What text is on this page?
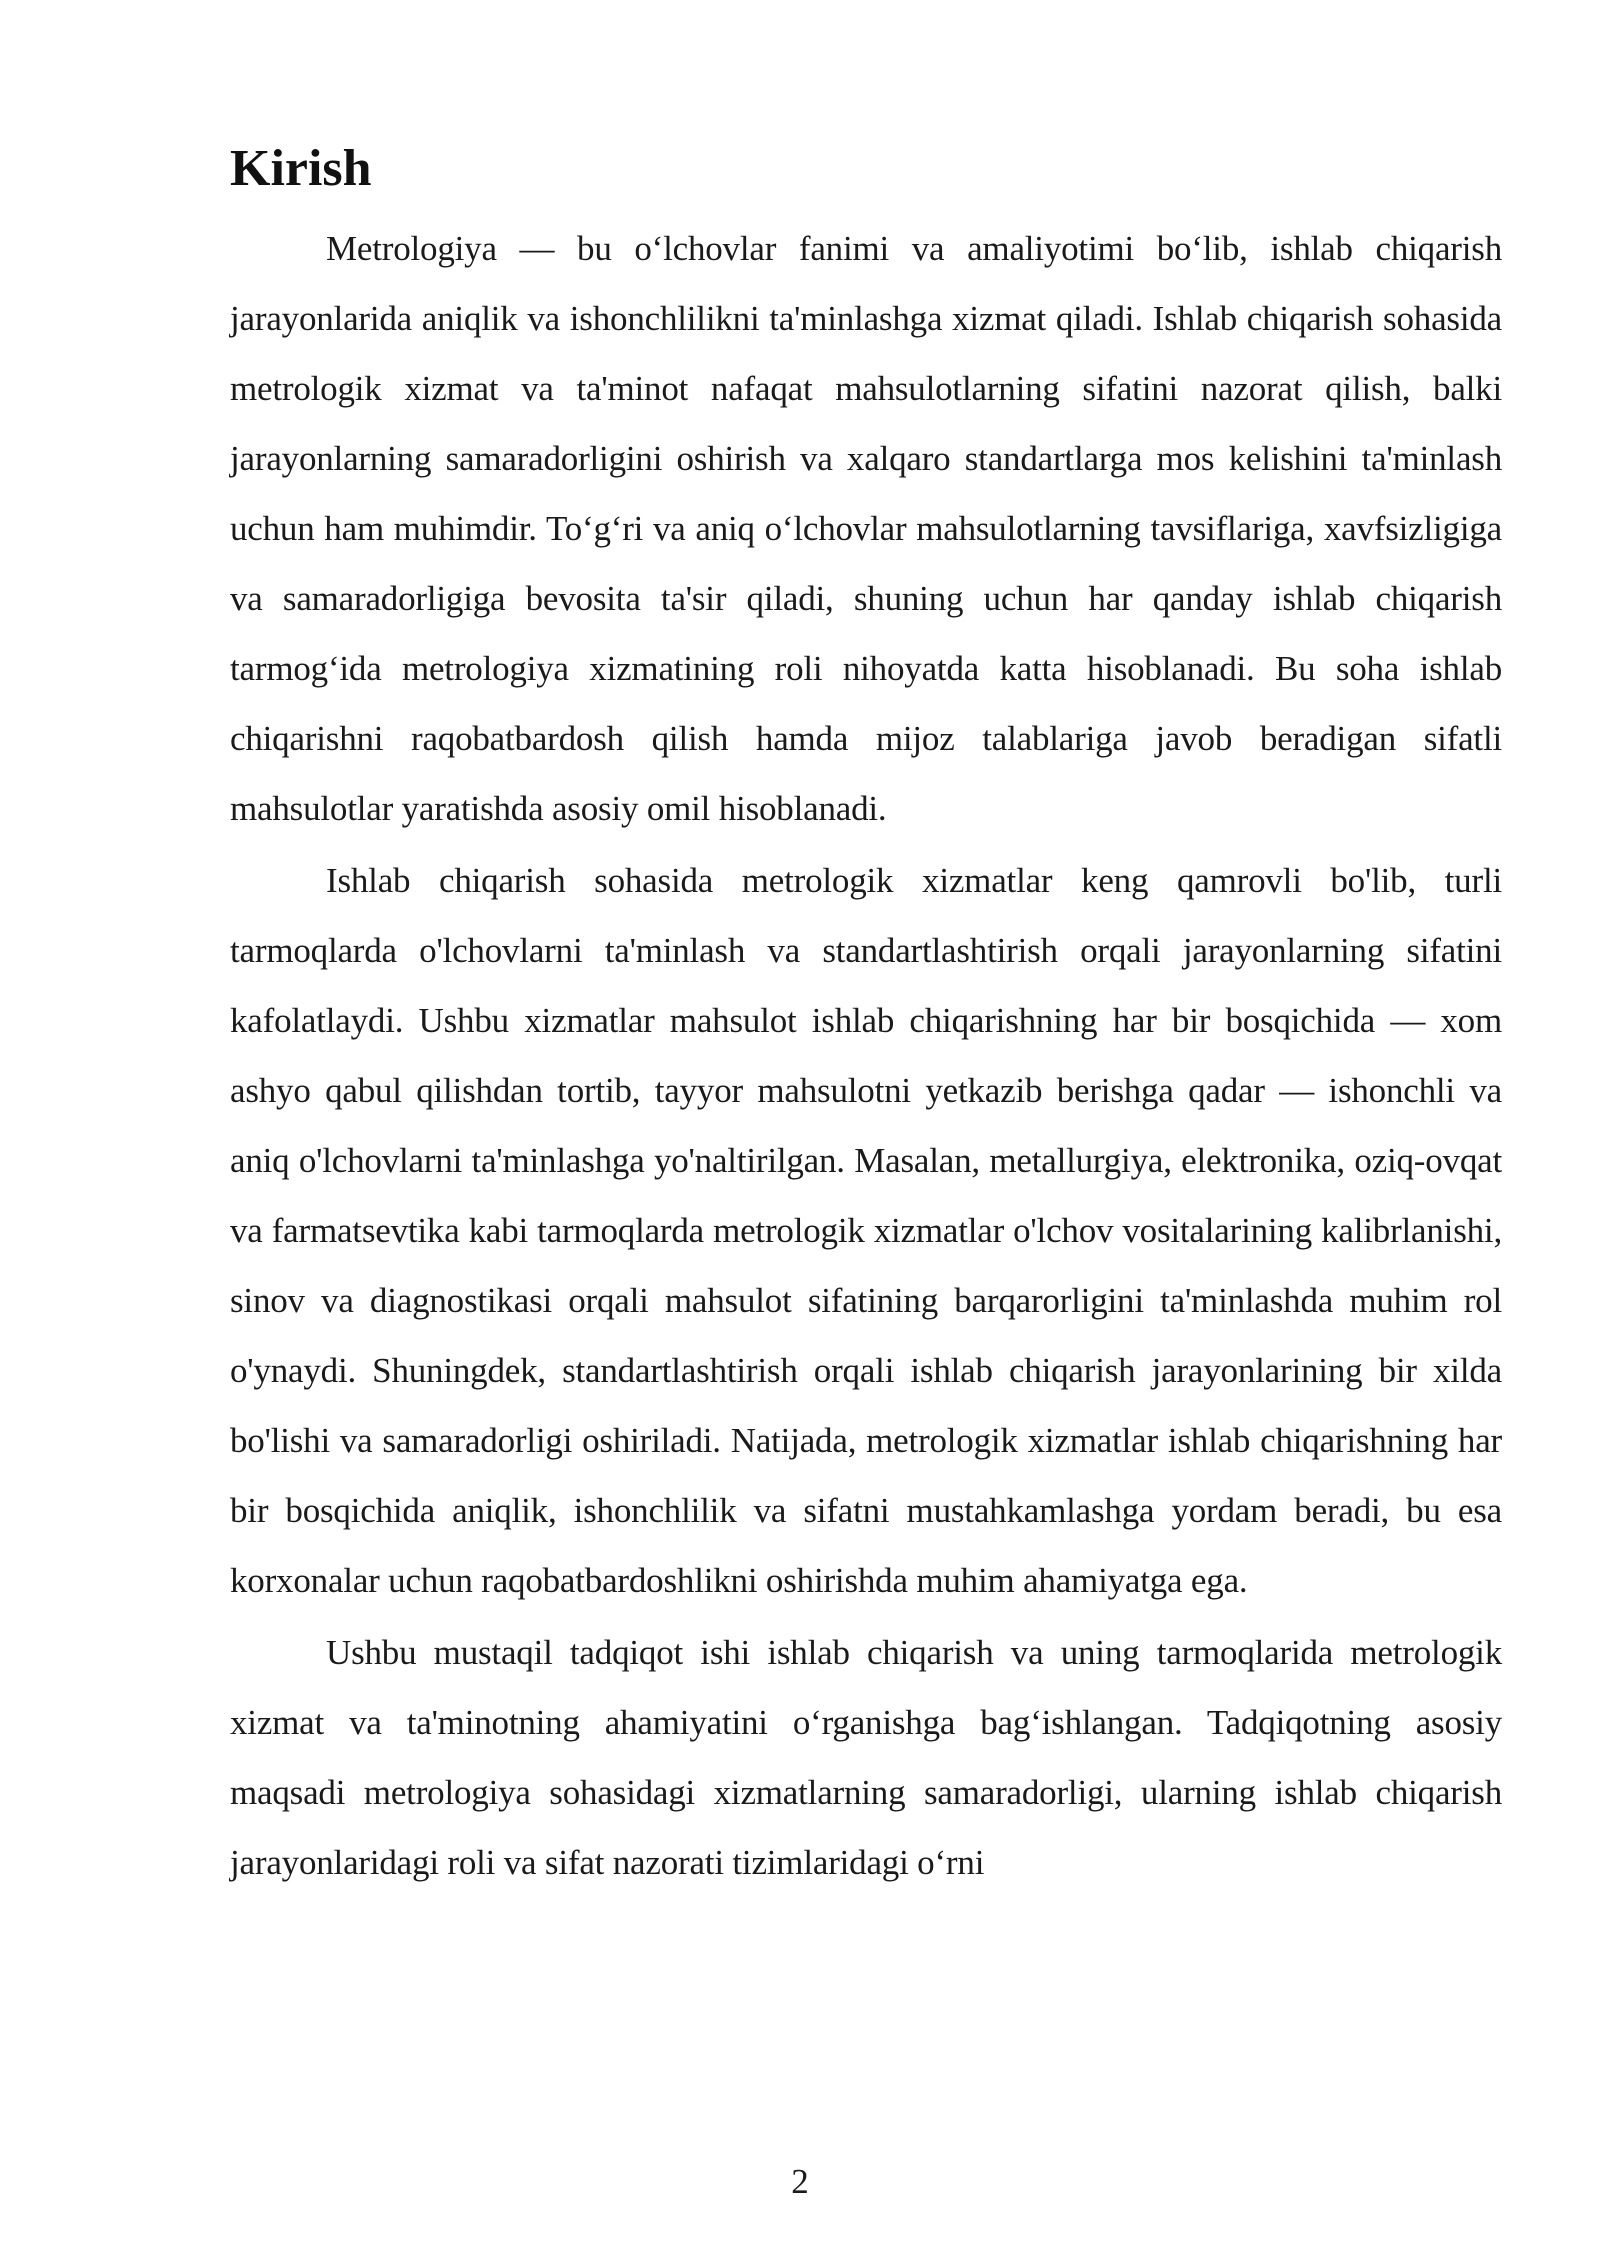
Kirish

Metrologiya — bu o‘lchovlar fanimi va amaliyotimi bo‘lib, ishlab chiqarish jarayonlarida aniqlik va ishonchlilikni ta'minlashga xizmat qiladi. Ishlab chiqarish sohasida metrologik xizmat va ta'minot nafaqat mahsulotlarning sifatini nazorat qilish, balki jarayonlarning samaradorligini oshirish va xalqaro standartlarga mos kelishini ta'minlash uchun ham muhimdir. To‘g‘ri va aniq o‘lchovlar mahsulotlarning tavsiflariga, xavfsizligiga va samaradorligiga bevosita ta'sir qiladi, shuning uchun har qanday ishlab chiqarish tarmog‘ida metrologiya xizmatining roli nihoyatda katta hisoblanadi. Bu soha ishlab chiqarishni raqobatbardosh qilish hamda mijoz talablariga javob beradigan sifatli mahsulotlar yaratishda asosiy omil hisoblanadi.

Ishlab chiqarish sohasida metrologik xizmatlar keng qamrovli bo'lib, turli tarmoqlarda o'lchovlarni ta'minlash va standartlashtirish orqali jarayonlarning sifatini kafolatlaydi. Ushbu xizmatlar mahsulot ishlab chiqarishning har bir bosqichida — xom ashyo qabul qilishdan tortib, tayyor mahsulotni yetkazib berishga qadar — ishonchli va aniq o'lchovlarni ta'minlashga yo'naltirilgan. Masalan, metallurgiya, elektronika, oziq-ovqat va farmatsevtika kabi tarmoqlarda metrologik xizmatlar o'lchov vositalarining kalibrlanishi, sinov va diagnostikasi orqali mahsulot sifatining barqarorligini ta'minlashda muhim rol o'ynaydi. Shuningdek, standartlashtirish orqali ishlab chiqarish jarayonlarining bir xilda bo'lishi va samaradorligi oshiriladi. Natijada, metrologik xizmatlar ishlab chiqarishning har bir bosqichida aniqlik, ishonchlilik va sifatni mustahkamlashga yordam beradi, bu esa korxonalar uchun raqobatbardoshlikni oshirishda muhim ahamiyatga ega.

Ushbu mustaqil tadqiqot ishi ishlab chiqarish va uning tarmoqlarida metrologik xizmat va ta'minotning ahamiyatini o‘rganishga bag‘ishlangan. Tadqiqotning asosiy maqsadi metrologiya sohasidagi xizmatlarning samaradorligi, ularning ishlab chiqarish jarayonlaridagi roli va sifat nazorati tizimlaridagi o‘rni

2
